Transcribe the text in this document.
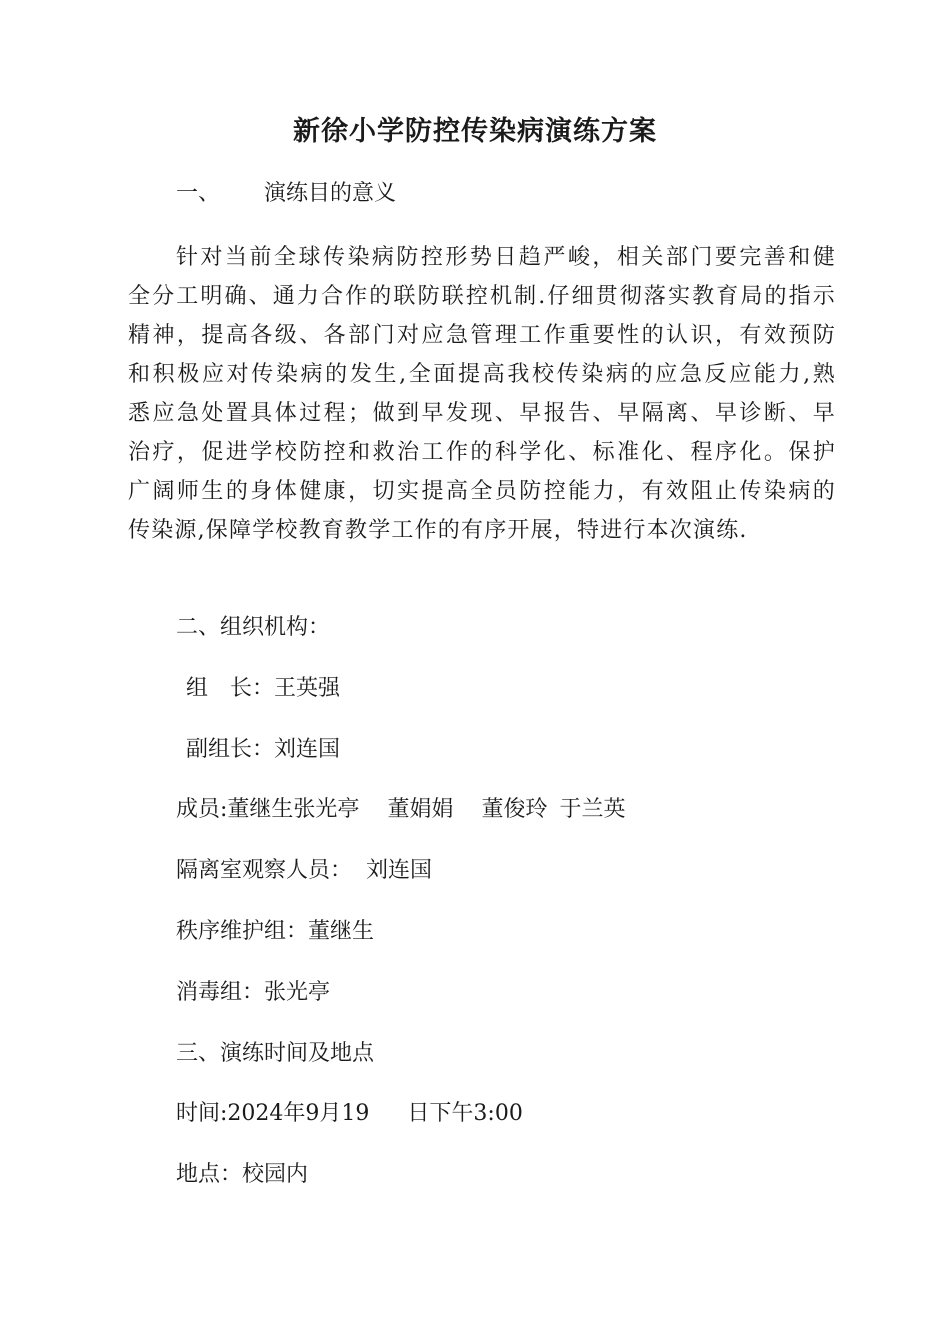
新徐小学防控传染病演练方案
一、 演练目的意义
针对当前全球传染病防控形势日趋严峻，相关部门要完善和健
全分工明确、通力合作的联防联控机制.仔细贯彻落实教育局的指示
精神，提高各级、各部门对应急管理工作重要性的认识，有效预防
和积极应对传染病的发生,全面提高我校传染病的应急反应能力,熟
悉应急处置具体过程；做到早发现、早报告、早隔离、早诊断、早
治疗，促进学校防控和救治工作的科学化、标准化、程序化。保护
广阔师生的身体健康，切实提高全员防控能力，有效阻止传染病的
传染源,保障学校教育教学工作的有序开展，特进行本次演练.
二、组织机构：
组　长：王英强
副组长：刘连国
成员:董继生张光亭 董娟娟 董俊玲 于兰英
隔离室观察人员： 刘连国
秩序维护组：董继生
消毒组：张光亭
三、演练时间及地点
时间:2024年9月19 日下午3:00
地点：校园内
